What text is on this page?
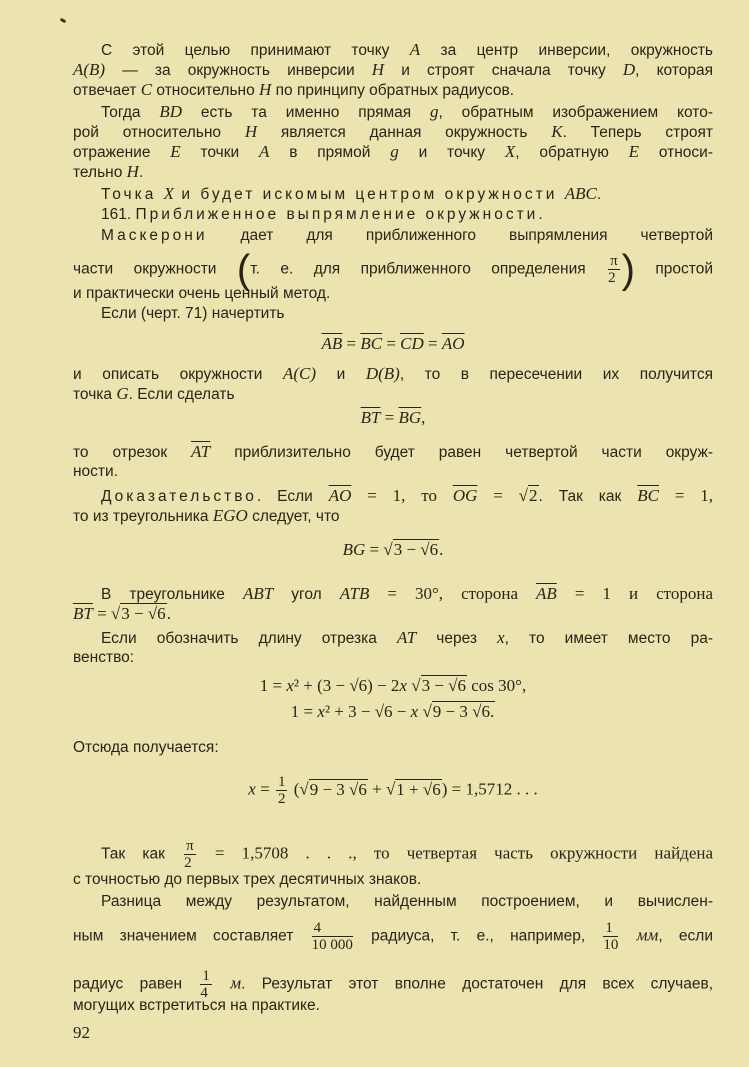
С этой целью принимают точку A за центр инверсии, окружность
A(B) — за окружность инверсии H и строят сначала точку D, которая
отвечает C относительно H по принципу обратных радиусов.
Тогда BD есть та именно прямая g, обратным изображением кото-
рой относительно H является данная окружность K. Теперь строят
отражение E точки A в прямой g и точку X, обратную E относи-
тельно H.
Точка X и будет искомым центром окружности ABC.
161. Приближенное выпрямление окружности.
Маскерони дает для приближенного выпрямления четвертой
части окружности (т. е. для приближенного определения $\frac{\pi}{2}$ ) простой
и практически очень ценный метод.
Если (черт. 71) начертить
$\overline{AB} = \overline{BC} = \overline{CD} = \overline{AO}$
и описать окружности A(C) и D(B), то в пересечении их получится
точка G. Если сделать
$\overline{BT} = \overline{BG}$,
то отрезок $\overline{AT}$ приблизительно будет равен четвертой части окруж-
ности.
Доказательство. Если $\overline{AO} = 1$, то $\overline{OG} = √2$. Так как $\overline{BC} = 1$,
то из треугольника EGO следует, что
BG = √3 − √6.
В треугольнике ABT угол ATB = 30°, сторона $\overline{AB} = 1$ и сторона
$\overline{BT} = √3 - √6$.
Если обозначить длину отрезка AT через x, то имеет место ра-
венство:
1 = x² + (3 − √6) − 2x √3 − √6 cos 30°,
1 = x² + 3 − √6 − x √9 − 3 √6.
Отсюда получается:
$x = \frac{1}{2} (√9 - 3$ √6 + √1 + √6) = 1,5712 . . .
Так как $\frac{\pi}{2} = 1,5708$ . . ., то четвертая часть окружности найдена
с точностью до первых трех десятичных знаков.
Разница между результатом, найденным построением, и вычислен-
ным значением составляет $\frac{4}{10 000}$ радиуса, т. е., например, $\frac{1}{10}$ мм, если
радиус равен $\frac{1}{4} м$. Результат этот вполне достаточен для всех случаев,
могущих встретиться на практике.
92
